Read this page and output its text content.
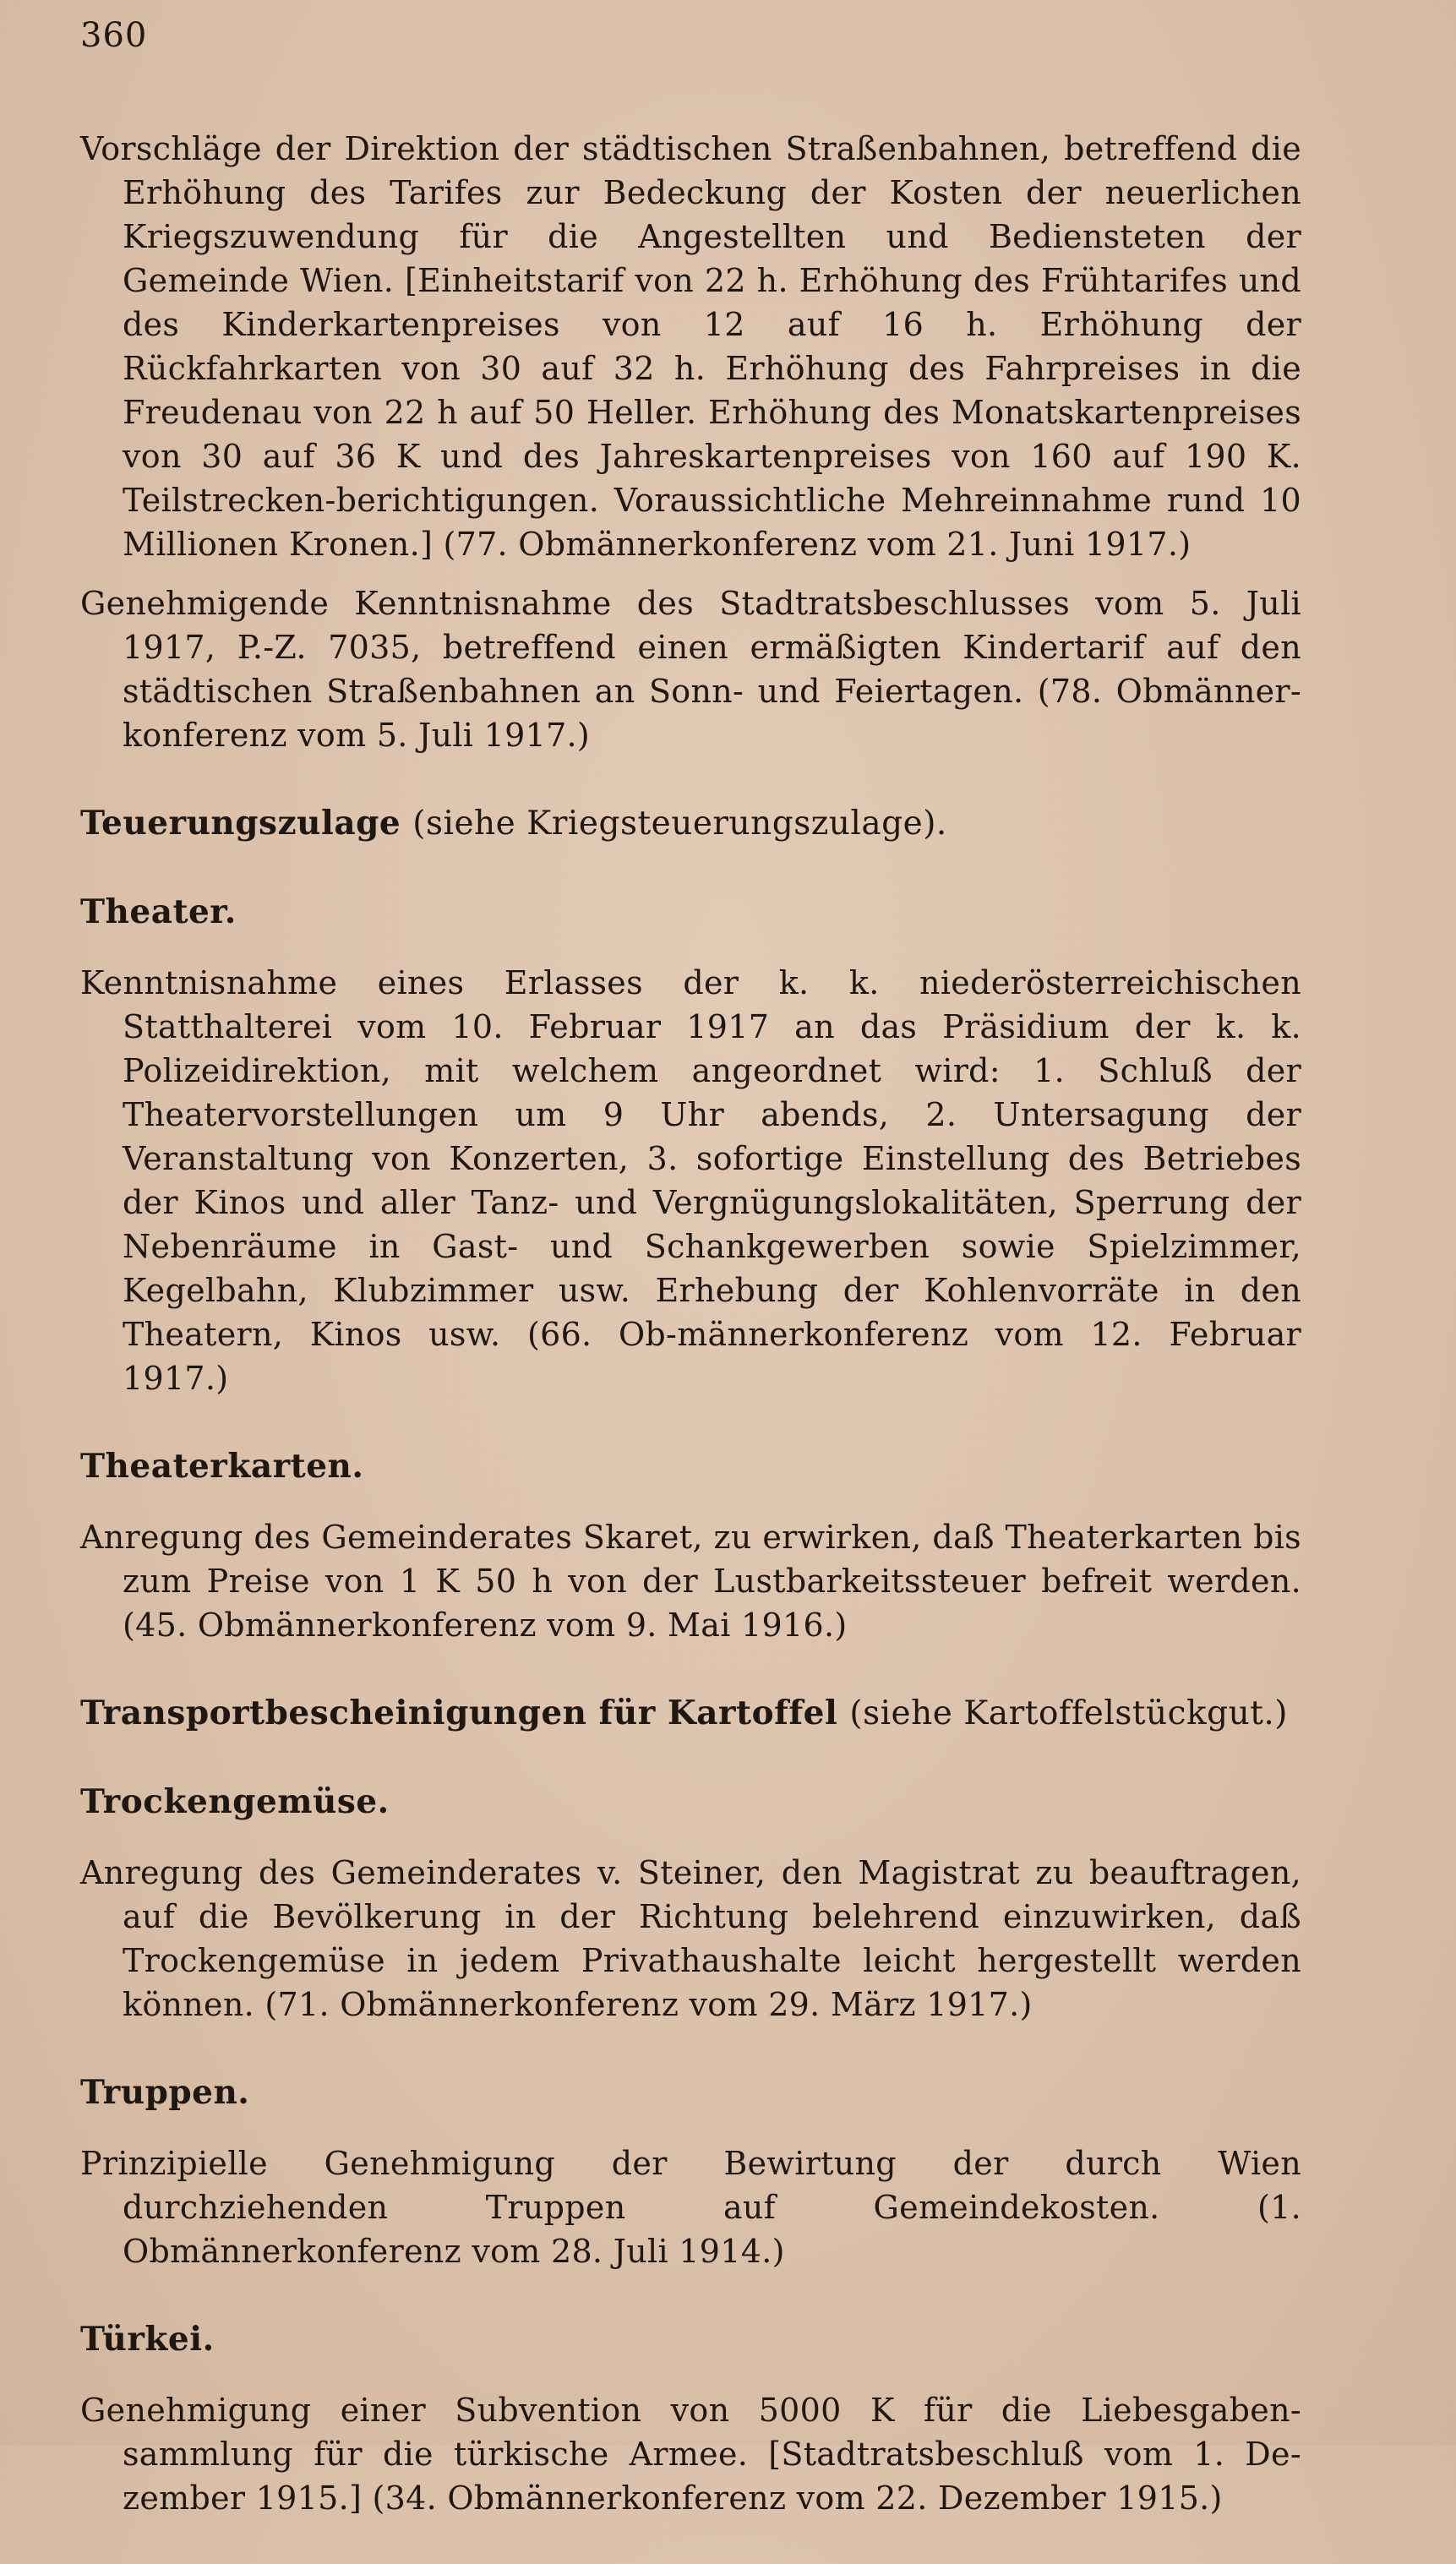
360

Vorschläge der Direktion der städtischen Straßenbahnen, betreffend die Erhöhung des Tarifes zur Bedeckung der Kosten der neuerlichen Kriegszuwendung für die Angestellten und Bediensteten der Gemeinde Wien. [Einheitstarif von 22 h. Erhöhung des Frühtarifes und des Kinderkartenpreises von 12 auf 16 h. Erhöhung der Rückfahrkarten von 30 auf 32 h. Erhöhung des Fahrpreises in die Freudenau von 22 h auf 50 Heller. Erhöhung des Monatskartenpreises von 30 auf 36 K und des Jahreskartenpreises von 160 auf 190 K. Teilstrecken-berichtigungen. Voraussichtliche Mehreinnahme rund 10 Millionen Kronen.] (77. Obmännerkonferenz vom 21. Juni 1917.)

Genehmigende Kenntnisnahme des Stadtratsbeschlusses vom 5. Juli 1917, P.-Z. 7035, betreffend einen ermäßigten Kindertarif auf den städtischen Straßenbahnen an Sonn- und Feiertagen. (78. Obmänner-konferenz vom 5. Juli 1917.)

Teuerungszulage (siehe Kriegsteuerungszulage).
Theater.

Kenntnisnahme eines Erlasses der k. k. niederösterreichischen Statthalterei vom 10. Februar 1917 an das Präsidium der k. k. Polizeidirektion, mit welchem angeordnet wird: 1. Schluß der Theatervorstellungen um 9 Uhr abends, 2. Untersagung der Veranstaltung von Konzerten, 3. sofortige Einstellung des Betriebes der Kinos und aller Tanz- und Vergnügungslokalitäten, Sperrung der Nebenräume in Gast- und Schankgewerben sowie Spielzimmer, Kegelbahn, Klubzimmer usw. Erhebung der Kohlenvorräte in den Theatern, Kinos usw. (66. Ob-männerkonferenz vom 12. Februar 1917.)

Theaterkarten.

Anregung des Gemeinderates Skaret, zu erwirken, daß Theaterkarten bis zum Preise von 1 K 50 h von der Lustbarkeitssteuer befreit werden. (45. Obmännerkonferenz vom 9. Mai 1916.)

Transportbescheinigungen für Kartoffel (siehe Kartoffelstückgut.)
Trockengemüse.

Anregung des Gemeinderates v. Steiner, den Magistrat zu beauftragen, auf die Bevölkerung in der Richtung belehrend einzuwirken, daß Trockengemüse in jedem Privathaushalte leicht hergestellt werden können. (71. Obmännerkonferenz vom 29. März 1917.)

Truppen.

Prinzipielle Genehmigung der Bewirtung der durch Wien durchziehenden Truppen auf Gemeindekosten. (1. Obmännerkonferenz vom 28. Juli 1914.)

Türkei.

Genehmigung einer Subvention von 5000 K für die Liebesgaben-sammlung für die türkische Armee. [Stadtratsbeschluß vom 1. De-zember 1915.] (34. Obmännerkonferenz vom 22. Dezember 1915.)
